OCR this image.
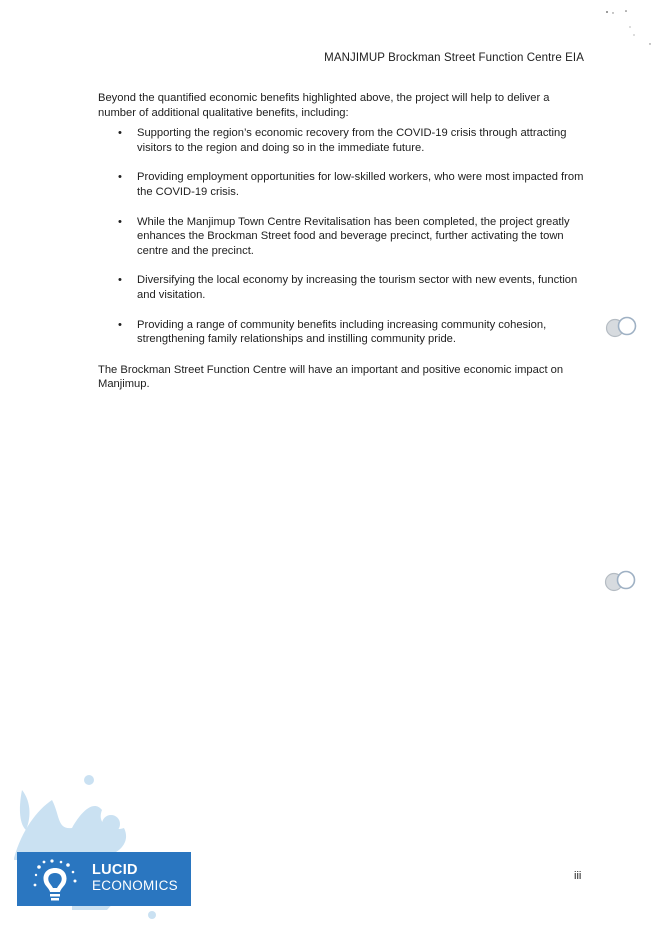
MANJIMUP Brockman Street Function Centre EIA

Beyond the quantified economic benefits highlighted above, the project will help to deliver a number of additional qualitative benefits, including:

• Supporting the region’s economic recovery from the COVID-19 crisis through attracting visitors to the region and doing so in the immediate future.
• Providing employment opportunities for low-skilled workers, who were most impacted from the COVID-19 crisis.
• While the Manjimup Town Centre Revitalisation has been completed, the project greatly enhances the Brockman Street food and beverage precinct, further activating the town centre and the precinct.
• Diversifying the local economy by increasing the tourism sector with new events, function and visitation.
• Providing a range of community benefits including increasing community cohesion, strengthening family relationships and instilling community pride.

The Brockman Street Function Centre will have an important and positive economic impact on Manjimup.

LUCID
ECONOMICS
iii
